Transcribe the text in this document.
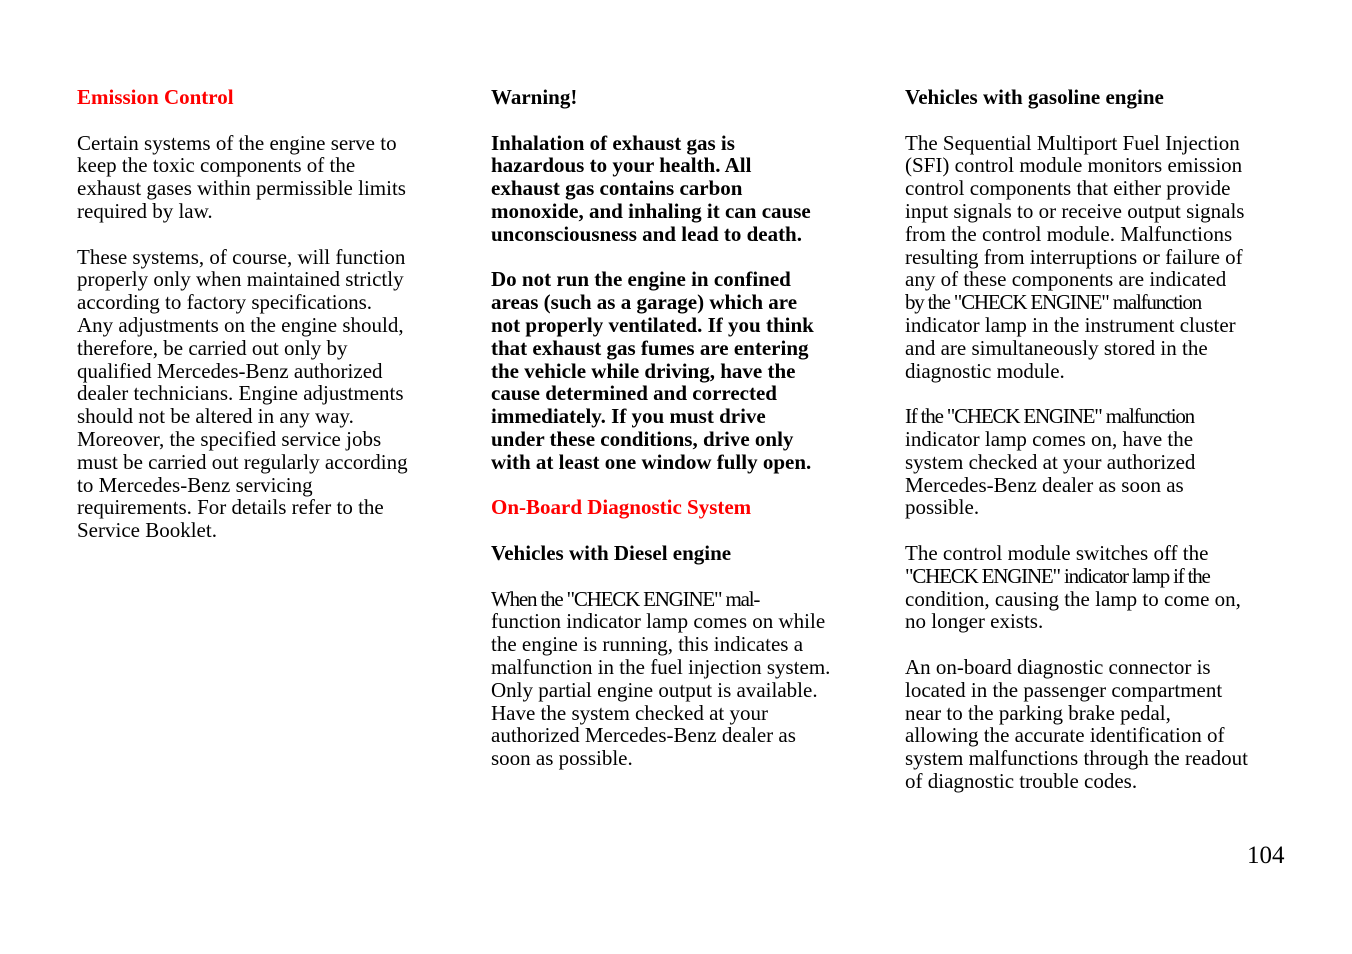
Emission Control
Certain systems of the engine serve to
keep the toxic components of the
exhaust gases within permissible limits
required by law.
These systems, of course, will function
properly only when maintained strictly
according to factory specifications.
Any adjustments on the engine should,
therefore, be carried out only by
qualified Mercedes-Benz authorized
dealer technicians. Engine adjustments
should not be altered in any way.
Moreover, the specified service jobs
must be carried out regularly according
to Mercedes-Benz servicing
requirements. For details refer to the
Service Booklet.
Warning!
Inhalation of exhaust gas is
hazardous to your health. All
exhaust gas contains carbon
monoxide, and inhaling it can cause
unconsciousness and lead to death.
Do not run the engine in confined
areas (such as a garage) which are
not properly ventilated. If you think
that exhaust gas fumes are entering
the vehicle while driving, have the
cause determined and corrected
immediately. If you must drive
under these conditions, drive only
with at least one window fully open.
On-Board Diagnostic System
Vehicles with Diesel engine
When the "CHECK ENGINE" mal-
function indicator lamp comes on while
the engine is running, this indicates a
malfunction in the fuel injection system.
Only partial engine output is available.
Have the system checked at your
authorized Mercedes-Benz dealer as
soon as possible.
Vehicles with gasoline engine
The Sequential Multiport Fuel Injection
(SFI) control module monitors emission
control components that either provide
input signals to or receive output signals
from the control module. Malfunctions
resulting from interruptions or failure of
any of these components are indicated
by the "CHECK ENGINE" malfunction
indicator lamp in the instrument cluster
and are simultaneously stored in the
diagnostic module.
If the "CHECK ENGINE" malfunction
indicator lamp comes on, have the
system checked at your authorized
Mercedes-Benz dealer as soon as
possible.
The control module switches off the
"CHECK ENGINE" indicator lamp if the
condition, causing the lamp to come on,
no longer exists.
An on-board diagnostic connector is
located in the passenger compartment
near to the parking brake pedal,
allowing the accurate identification of
system malfunctions through the readout
of diagnostic trouble codes.
104
